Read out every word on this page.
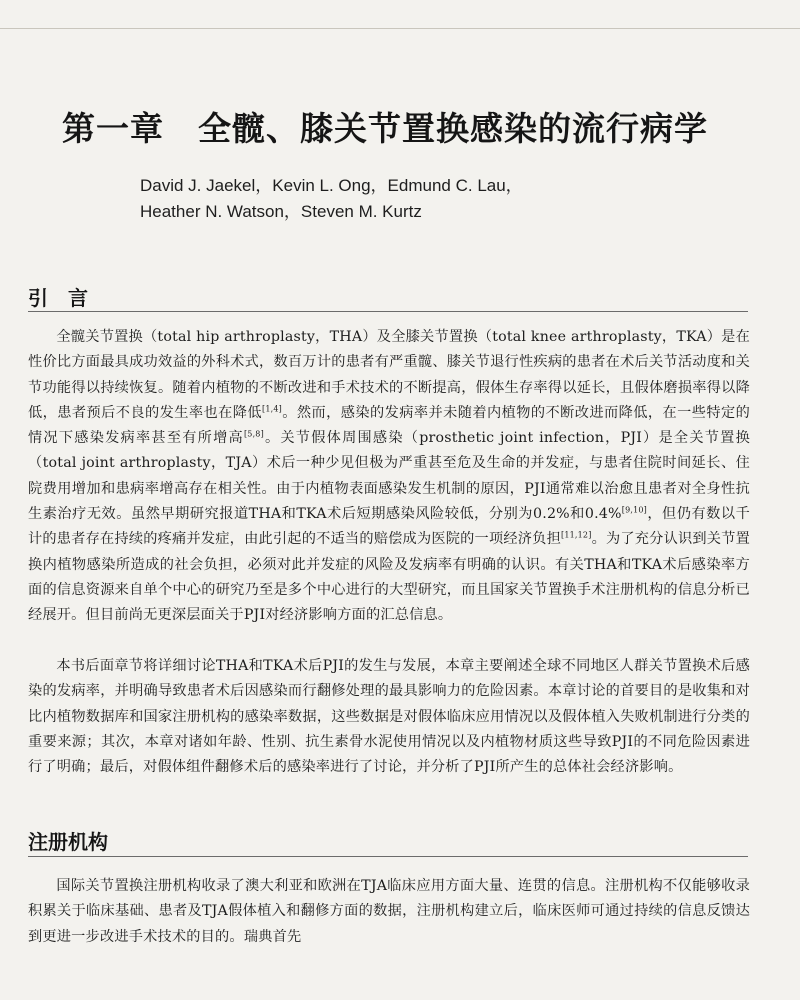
第一章　全髋、膝关节置换感染的流行病学
David J. Jaekel，Kevin L. Ong，Edmund C. Lau，
Heather N. Watson，Steven M. Kurtz
引　言
全髋关节置换（total hip arthroplasty，THA）及全膝关节置换（total knee arthroplasty，TKA）是在性价比方面最具成功效益的外科术式，数百万计的患者有严重髋、膝关节退行性疾病的患者在术后关节活动度和关节功能得以持续恢复。随着内植物的不断改进和手术技术的不断提高，假体生存率得以延长，且假体磨损率得以降低，患者预后不良的发生率也在降低[1,4]。然而，感染的发病率并未随着内植物的不断改进而降低，在一些特定的情况下感染发病率甚至有所增高[5,8]。关节假体周围感染（prosthetic joint infection，PJI）是全关节置换（total joint arthroplasty，TJA）术后一种少见但极为严重甚至危及生命的并发症，与患者住院时间延长、住院费用增加和患病率增高存在相关性。由于内植物表面感染发生机制的原因，PJI通常难以治愈且患者对全身性抗生素治疗无效。虽然早期研究报道THA和TKA术后短期感染风险较低，分别为0.2%和0.4%[9,10]，但仍有数以千计的患者存在持续的疼痛并发症，由此引起的不适当的赔偿成为医院的一项经济负担[11,12]。为了充分认识到关节置换内植物感染所造成的社会负担，必须对此并发症的风险及发病率有明确的认识。有关THA和TKA术后感染率方面的信息资源来自单个中心的研究乃至是多个中心进行的大型研究，而且国家关节置换手术注册机构的信息分析已经展开。但目前尚无更深层面关于PJI对经济影响方面的汇总信息。
本书后面章节将详细讨论THA和TKA术后PJI的发生与发展，本章主要阐述全球不同地区人群关节置换术后感染的发病率，并明确导致患者术后因感染而行翻修处理的最具影响力的危险因素。本章讨论的首要目的是收集和对比内植物数据库和国家注册机构的感染率数据，这些数据是对假体临床应用情况以及假体植入失败机制进行分类的重要来源；其次，本章对诸如年龄、性别、抗生素骨水泥使用情况以及内植物材质这些导致PJI的不同危险因素进行了明确；最后，对假体组件翻修术后的感染率进行了讨论，并分析了PJI所产生的总体社会经济影响。
注册机构
国际关节置换注册机构收录了澳大利亚和欧洲在TJA临床应用方面大量、连贯的信息。注册机构不仅能够收录积累关于临床基础、患者及TJA假体植入和翻修方面的数据，注册机构建立后，临床医师可通过持续的信息反馈达到更进一步改进手术技术的目的。瑞典首先
